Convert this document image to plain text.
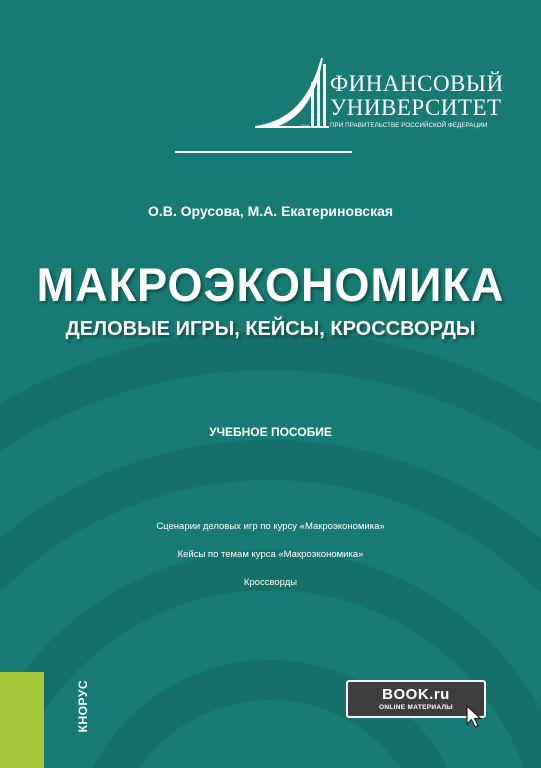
1919
ФИНАНСОВЫЙ
УНИВЕРСИТЕТ
ПРИ ПРАВИТЕЛЬСТВЕ РОССИЙСКОЙ ФЕДЕРАЦИИ
О.В. Орусова, М.А. Екатериновская
МАКРОЭКОНОМИКА
ДЕЛОВЫЕ ИГРЫ, КЕЙСЫ, КРОССВОРДЫ
УЧЕБНОЕ ПОСОБИЕ
Сценарии деловых игр по курсу «Макроэкономика»
Кейсы по темам курса «Макроэкономика»
Кроссворды
КНОРУС	BOOK.ru
ONLINE МАТЕРИАЛЫ
